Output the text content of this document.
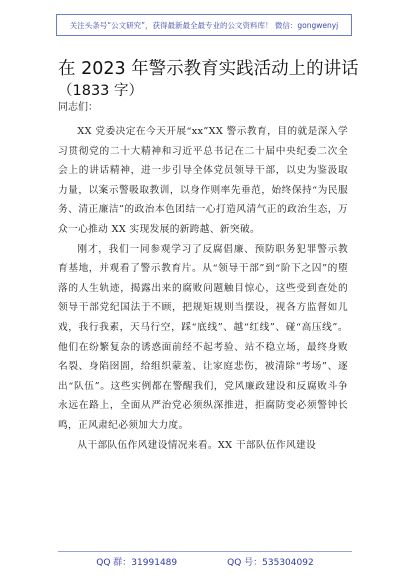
关注头条号“公文研究”，获得最新最全最专业的公文资料库！ 微信：gongwenyj
在 2023 年警示教育实践活动上的讲话
（1833 字）
同志们：

XX 党委决定在今天开展“xx”XX 警示教育，目的就是深入学习贯彻党的二十大精神和习近平总书记在二十届中央纪委二次全会上的讲话精神，进一步引导全体党员领导干部，以史为鉴汲取力量，以案示警吸取教训，以身作则率先垂范，始终保持“为民服务、清正廉洁”的政治本色团结一心打造风清气正的政治生态，万众一心推动 XX 实现发展的新跨越、新突破。

刚才，我们一同参观学习了反腐倡廉、预防职务犯罪警示教育基地，并观看了警示教育片。从“领导干部”到“阶下之囚”的堕落的人生轨迹，揭露出来的腐败问题触目惊心，这些受到查处的领导干部党纪国法于不顾，把规矩规则当摆设，视各方监督如儿戏，我行我素，天马行空，踩“底线”、越“红线”、碰“高压线”。他们在纷繁复杂的诱惑面前经不起考验、站不稳立场，最终身败名裂、身陷囹圄，给组织蒙羞、让家庭悲伤，被清除“考场”、逐出“队伍”。这些实例都在警醒我们，党风廉政建设和反腐败斗争永远在路上，全面从严治党必须纵深推进，拒腐防变必须警钟长鸣，正风肃纪必须加大力度。

从干部队伍作风建设情况来看。XX 干部队伍作风建设

QQ 群：31991489	QQ 号：535304092
